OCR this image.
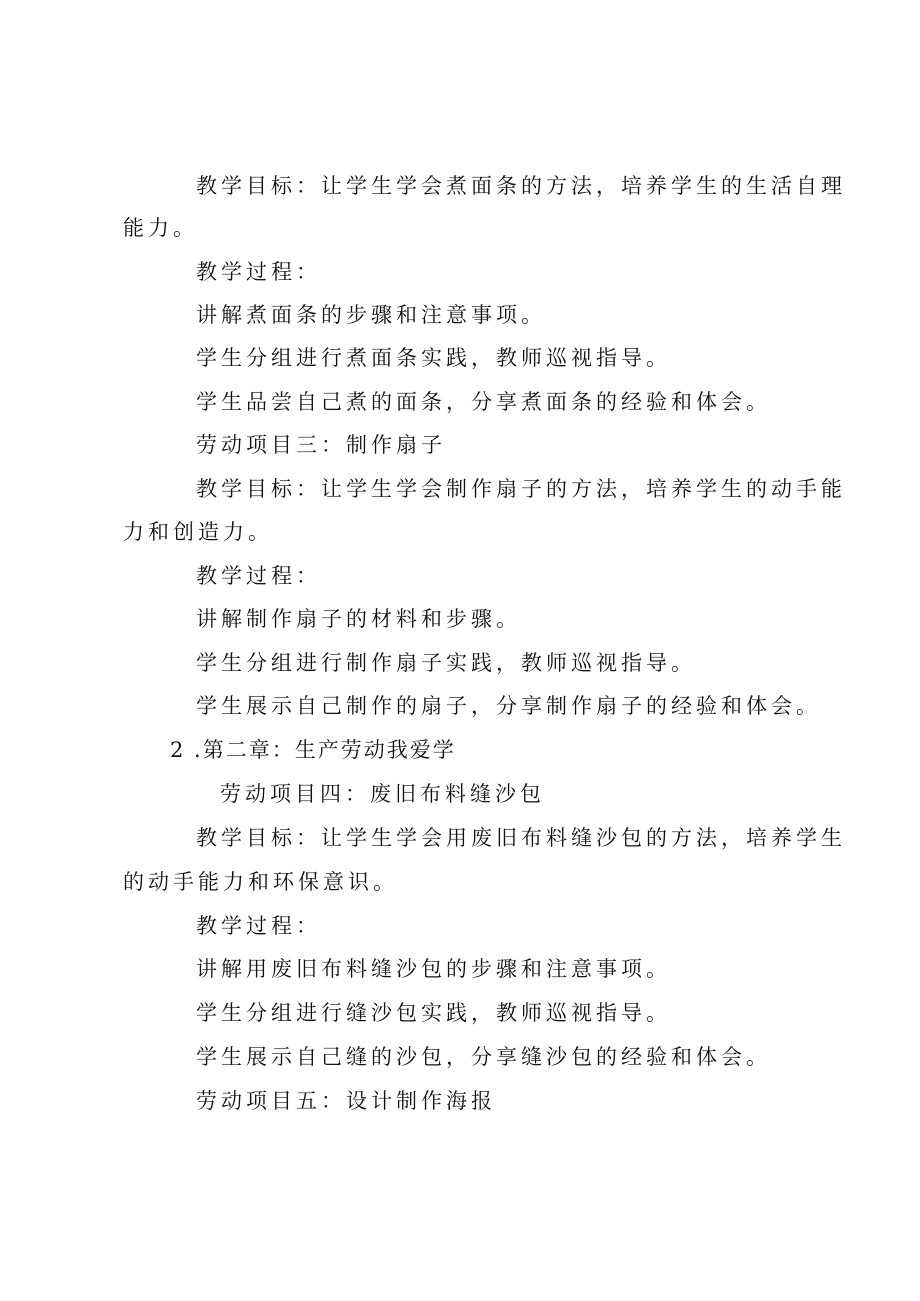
教学目标：让学生学会煮面条的方法，培养学生的生活自理
能力。
教学过程：
讲解煮面条的步骤和注意事项。
学生分组进行煮面条实践，教师巡视指导。
学生品尝自己煮的面条，分享煮面条的经验和体会。
劳动项目三：制作扇子
教学目标：让学生学会制作扇子的方法，培养学生的动手能
力和创造力。
教学过程：
讲解制作扇子的材料和步骤。
学生分组进行制作扇子实践，教师巡视指导。
学生展示自己制作的扇子，分享制作扇子的经验和体会。
2 .第二章：生产劳动我爱学
劳动项目四：废旧布料缝沙包
教学目标：让学生学会用废旧布料缝沙包的方法，培养学生
的动手能力和环保意识。
教学过程：
讲解用废旧布料缝沙包的步骤和注意事项。
学生分组进行缝沙包实践，教师巡视指导。
学生展示自己缝的沙包，分享缝沙包的经验和体会。
劳动项目五：设计制作海报
